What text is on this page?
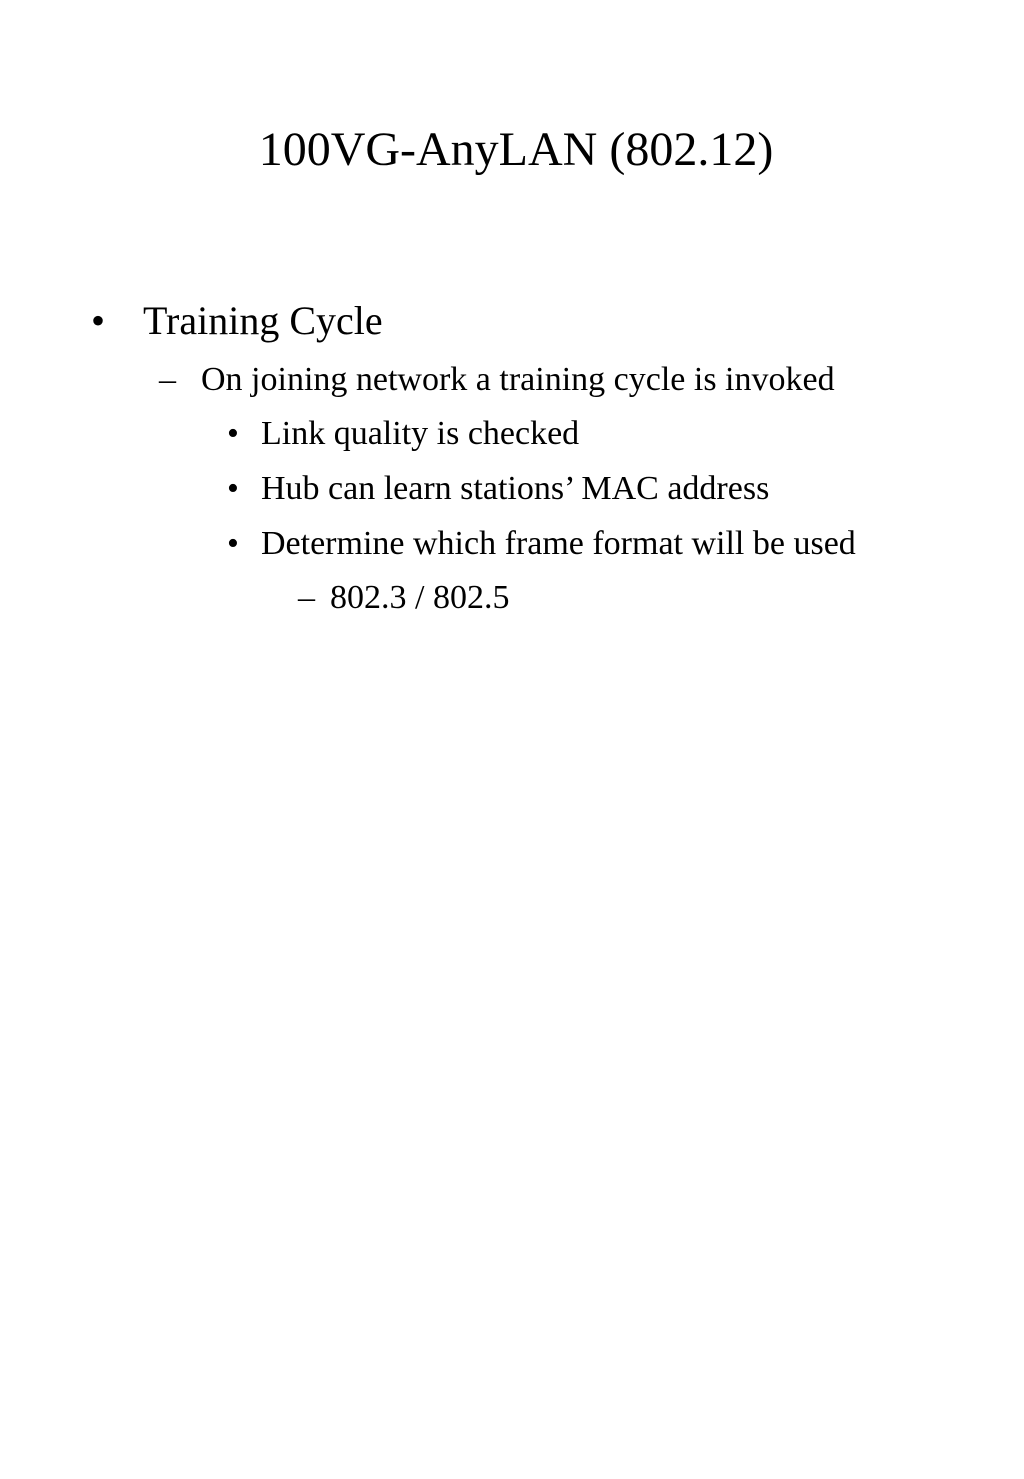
100VG-AnyLAN (802.12)
• Training Cycle
– On joining network a training cycle is invoked
• Link quality is checked
• Hub can learn stations’ MAC address
• Determine which frame format will be used
– 802.3 / 802.5
